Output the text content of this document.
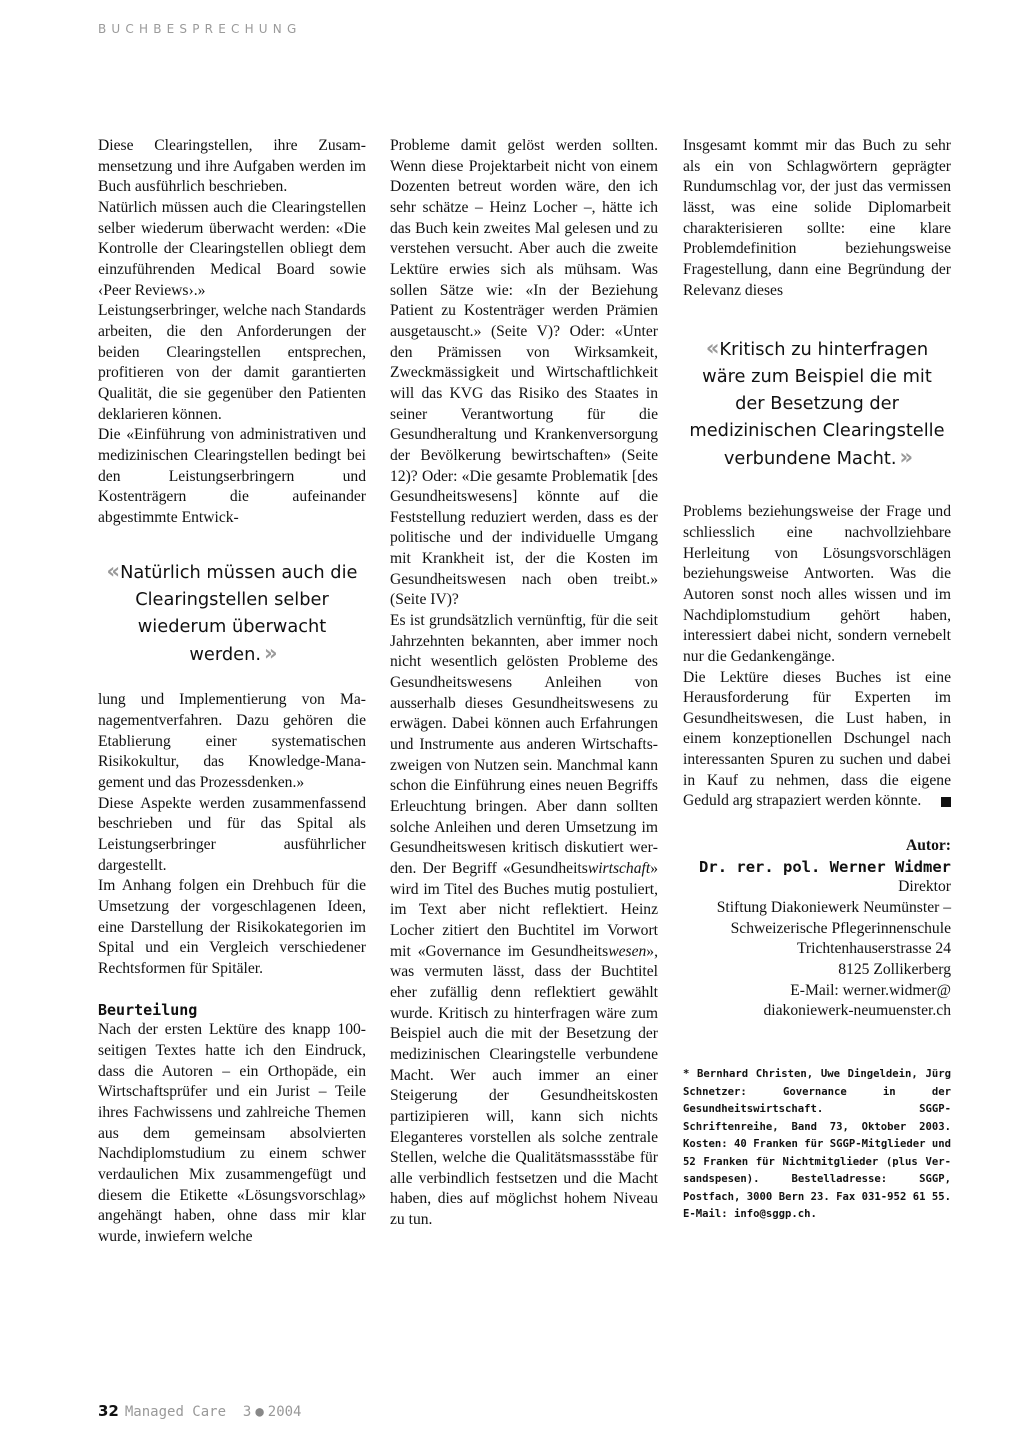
BUCHBESPRECHUNG

Diese Clearingstellen, ihre Zusammensetzung und ihre Aufgaben werden im Buch ausführlich beschrieben.

Natürlich müssen auch die Clearingstellen selber wiederum überwacht werden: «Die Kontrolle der Clearingstellen obliegt dem einzuführenden Medical Board sowie ‹Peer Reviews›.»

Leistungserbringer, welche nach Standards arbeiten, die den Anforderungen der beiden Clearingstellen entsprechen, profitieren von der damit garantierten Qualität, die sie gegenüber den Patienten deklarieren können.

Die «Einführung von administrativen und medizinischen Clearingstellen bedingt bei den Leistungserbringern und Kostenträgern die aufeinander abgestimmte Entwick-

« Natürlich müssen auch die Clearingstellen selber wiederum überwacht werden. »

lung und Implementierung von Managementverfahren. Dazu gehören die Etablierung einer systematischen Risikokultur, das Knowledge-Management und das Prozessdenken.»

Diese Aspekte werden zusammenfassend beschrieben und für das Spital als Leistungserbringer ausführlicher dargestellt.

Im Anhang folgen ein Drehbuch für die Umsetzung der vorgeschlagenen Ideen, eine Darstellung der Risikokategorien im Spital und ein Vergleich verschiedener Rechtsformen für Spitäler.

Beurteilung

Nach der ersten Lektüre des knapp 100-seitigen Textes hatte ich den Eindruck, dass die Autoren – ein Orthopäde, ein Wirtschaftsprüfer und ein Jurist – Teile ihres Fachwissens und zahlreiche Themen aus dem gemeinsam absolvierten Nachdiplomstudium zu einem schwer verdaulichen Mix zusammengefügt und diesem die Etikette «Lösungsvorschlag» angehängt haben, ohne dass mir klar wurde, inwiefern welche

Probleme damit gelöst werden sollten. Wenn diese Projektarbeit nicht von einem Dozenten betreut worden wäre, den ich sehr schätze – Heinz Locher –, hätte ich das Buch kein zweites Mal gelesen und zu verstehen versucht. Aber auch die zweite Lektüre erwies sich als mühsam. Was sollen Sätze wie: «In der Beziehung Patient zu Kostenträger werden Prämien ausgetauscht.» (Seite V)? Oder: «Unter den Prämissen von Wirksamkeit, Zweckmässigkeit und Wirtschaftlichkeit will das KVG das Risiko des Staates in seiner Verantwortung für die Gesundheraltung und Krankenversorgung der Bevölkerung bewirtschaften» (Seite 12)? Oder: «Die gesamte Problematik [des Gesundheitswesens] könnte auf die Feststellung reduziert werden, dass es der politische und der individuelle Umgang mit Krankheit ist, der die Kosten im Gesundheitswesen nach oben treibt.» (Seite IV)?

Es ist grundsätzlich vernünftig, für die seit Jahrzehnten bekannten, aber immer noch nicht wesentlich gelösten Probleme des Gesundheitswesens Anleihen von ausserhalb dieses Gesundheitswesens zu erwägen. Dabei können auch Erfahrungen und Instrumente aus anderen Wirtschaftszweigen von Nutzen sein. Manchmal kann schon die Einführung eines neuen Begriffs Erleuchtung bringen. Aber dann sollten solche Anleihen und deren Umsetzung im Gesundheitswesen kritisch diskutiert werden. Der Begriff «Gesundheitswirtschaft» wird im Titel des Buches mutig postuliert, im Text aber nicht reflektiert. Heinz Locher zitiert den Buchtitel im Vorwort mit «Governance im Gesundheitswesen», was vermuten lässt, dass der Buchtitel eher zufällig denn reflektiert gewählt wurde. Kritisch zu hinterfragen wäre zum Beispiel auch die mit der Besetzung der medizinischen Clearingstelle verbundene Macht. Wer auch immer an einer Steigerung der Gesundheitskosten partizipieren will, kann sich nichts Eleganteres vorstellen als solche zentrale Stellen, welche die Qualitätsmassstäbe für alle verbindlich festsetzen und die Macht haben, dies auf möglichst hohem Niveau zu tun.

Insgesamt kommt mir das Buch zu sehr als ein von Schlagwörtern geprägter Rundumschlag vor, der just das vermissen lässt, was eine solide Diplomarbeit charakterisieren sollte: eine klare Problemdefinition beziehungsweise Fragestellung, dann eine Begründung der Relevanz dieses

« Kritisch zu hinterfragen wäre zum Beispiel die mit der Besetzung der medizinischen Clearingstelle verbundene Macht. »

Problems beziehungsweise der Frage und schliesslich eine nachvollziehbare Herleitung von Lösungsvorschlägen beziehungsweise Antworten. Was die Autoren sonst noch alles wissen und im Nachdiplomstudium gehört haben, interessiert dabei nicht, sondern vernebelt nur die Gedankengänge.

Die Lektüre dieses Buches ist eine Herausforderung für Experten im Gesundheitswesen, die Lust haben, in einem konzeptionellen Dschungel nach interessanten Spuren zu suchen und dabei in Kauf zu nehmen, dass die eigene Geduld arg strapaziert werden könnte.

Autor:

Dr. rer. pol. Werner Widmer

Direktor

Stiftung Diakoniewerk Neumünster –

Schweizerische Pflegerinnenschule

Trichtenhauserstrasse 24

8125 Zollikerberg

E-Mail: werner.widmer@

diakoniewerk-neumuenster.ch

* Bernhard Christen, Uwe Dingeldein, Jürg Schnetzer: Governance in der Gesundheitswirtschaft. SGGP-Schriftenreihe, Band 73, Oktober 2003. Kosten: 40 Franken für SGGP-Mitglieder und 52 Franken für Nichtmitglieder (plus Versandspesen). Bestelladresse: SGGP, Postfach, 3000 Bern 23. Fax 031-952 61 55. E-Mail: info@sggp.ch.

32 Managed Care 3 ● 2004
